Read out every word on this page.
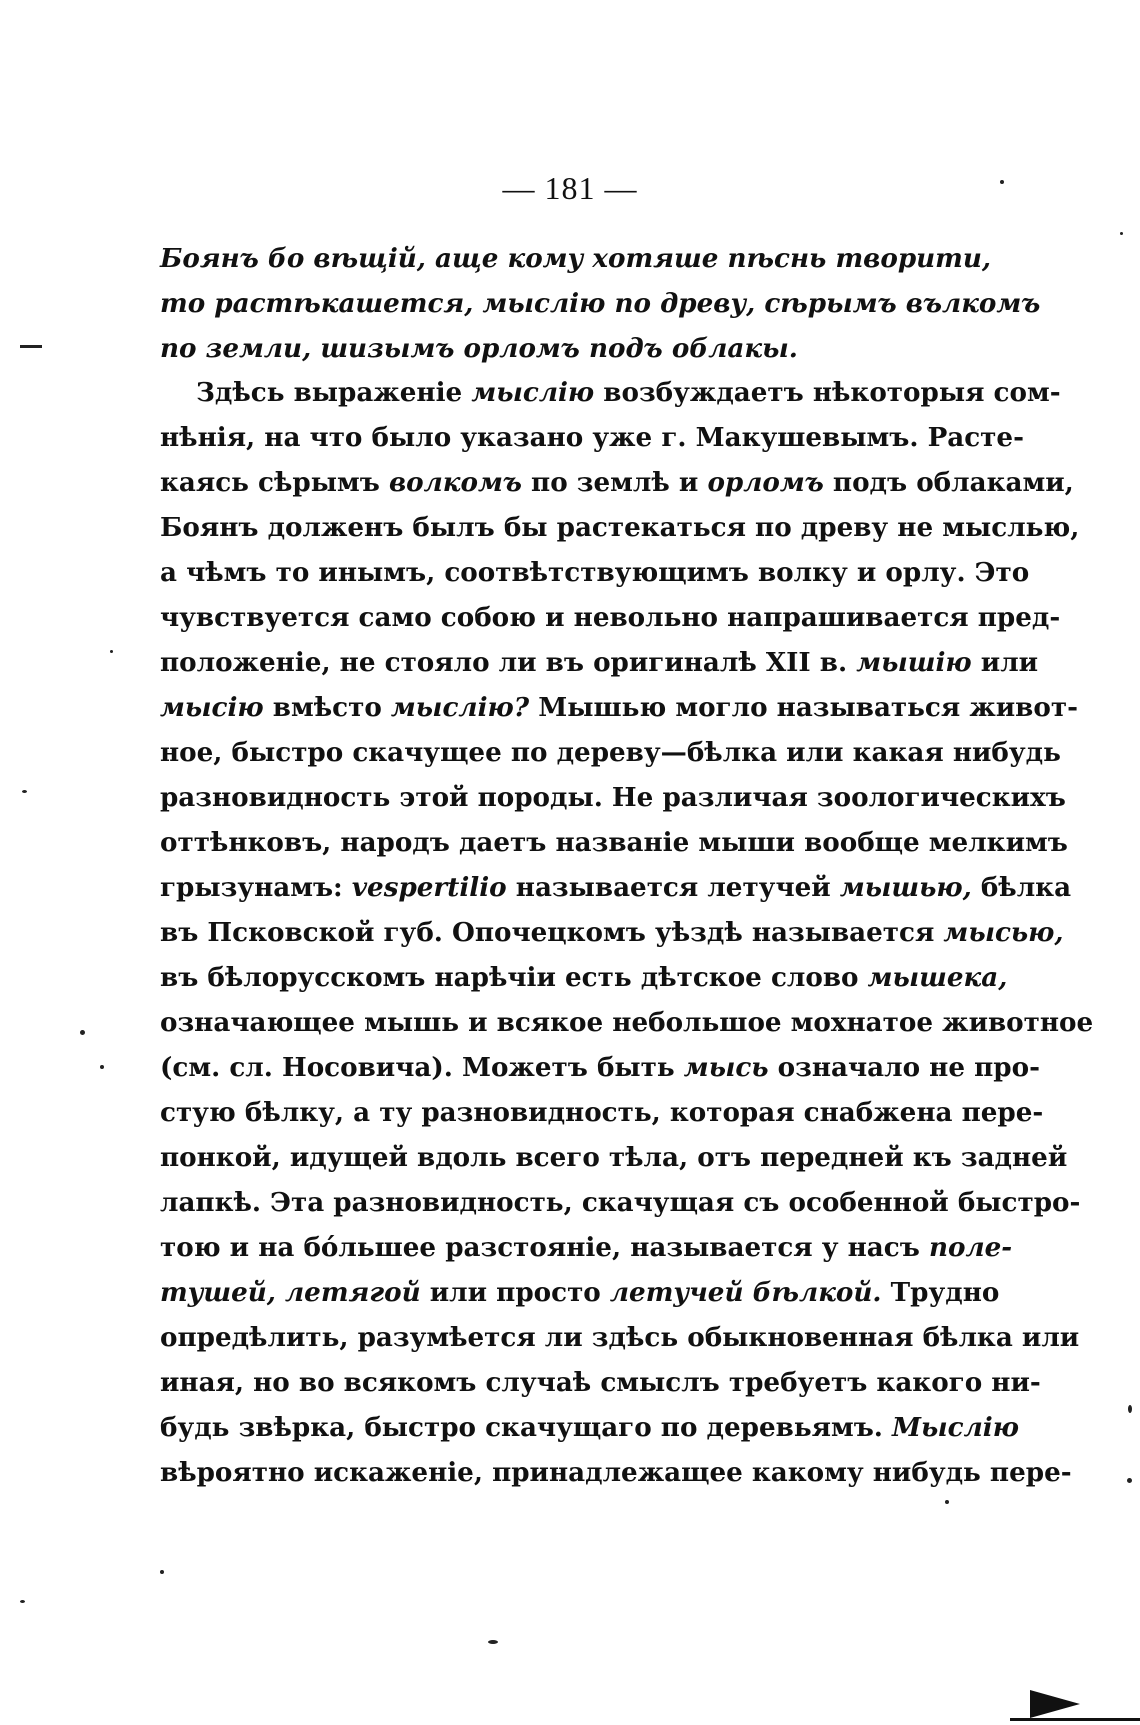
— 181 —
Боянъ бо вѣщій, аще кому хотяше пѣснь творити,
то растѣкашется, мыслію по древу, сѣрымъ вълкомъ
по земли, шизымъ орломъ подъ облакы.
Здѣсь выраженіе мыслію возбуждаетъ нѣкоторыя сом-
нѣнія, на что было указано уже г. Макушевымъ. Расте-
каясь сѣрымъ волкомъ по землѣ и орломъ подъ облаками,
Боянъ долженъ былъ бы растекаться по древу не мыслью,
а чѣмъ то инымъ, соотвѣтствующимъ волку и орлу. Это
чувствуется само собою и невольно напрашивается пред-
положеніе, не стояло ли въ оригиналѣ XII в. мышію или
мысію вмѣсто мыслію? Мышью могло называться живот-
ное, быстро скачущее по дереву—бѣлка или какая нибудь
разновидность этой породы. Не различая зоологическихъ
оттѣнковъ, народъ даетъ названіе мыши вообще мелкимъ
грызунамъ: vespertilio называется летучей мышью, бѣлка
въ Псковской губ. Опочецкомъ уѣздѣ называется мысью,
въ бѣлорусскомъ нарѣчіи есть дѣтское слово мышека,
означающее мышь и всякое небольшое мохнатое животное
(см. сл. Носовича). Можетъ быть мысь означало не про-
стую бѣлку, а ту разновидность, которая снабжена пере-
понкой, идущей вдоль всего тѣла, отъ передней къ задней
лапкѣ. Эта разновидность, скачущая съ особенной быстро-
тою и на бóльшее разстояніе, называется у насъ поле-
тушей, летягой или просто летучей бѣлкой. Трудно
опредѣлить, разумѣется ли здѣсь обыкновенная бѣлка или
иная, но во всякомъ случаѣ смыслъ требуетъ какого ни-
будь звѣрка, быстро скачущаго по деревьямъ. Мыслію
вѣроятно искаженіе, принадлежащее какому нибудь пере-
